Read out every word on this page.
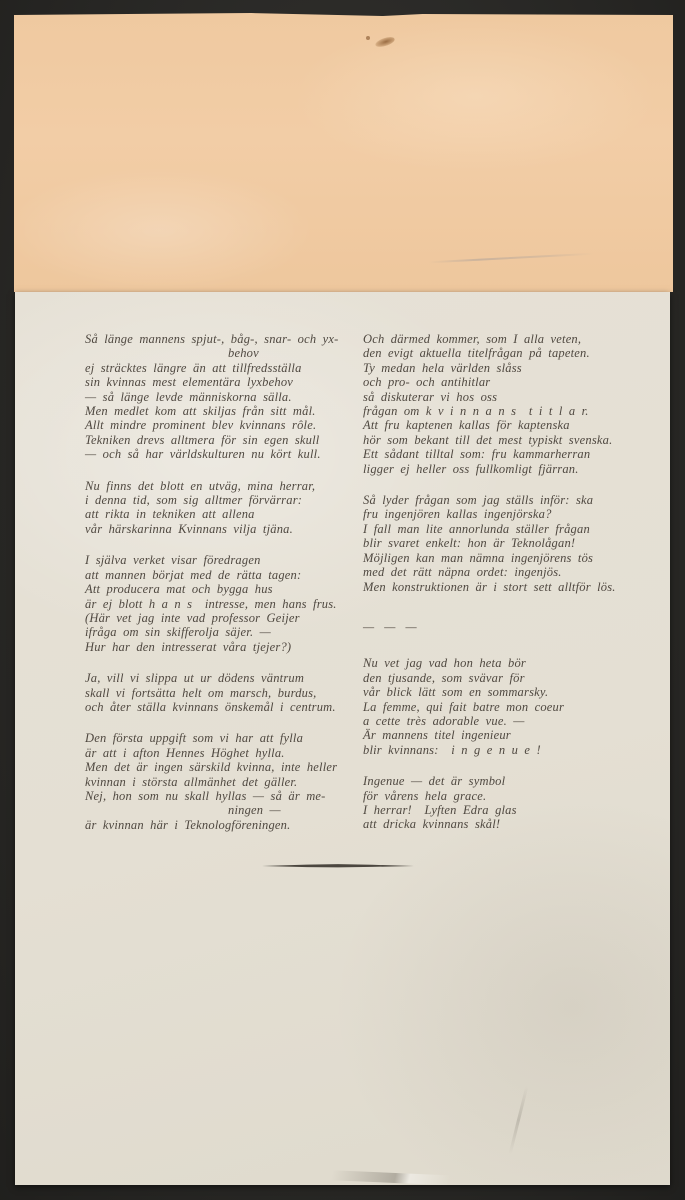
Så länge mannens spjut-, båg-, snar- och yx-
behov
ej sträcktes längre än att tillfredsställa
sin kvinnas mest elementära lyxbehov
— så länge levde människorna sälla.
Men medlet kom att skiljas från sitt mål.
Allt mindre prominent blev kvinnans rôle.
Tekniken drevs alltmera för sin egen skull
— och så har världskulturen nu kört kull.
Nu finns det blott en utväg, mina herrar,
i denna tid, som sig alltmer förvärrar:
att rikta in tekniken att allena
vår härskarinna Kvinnans vilja tjäna.
I själva verket visar föredragen
att mannen börjat med de rätta tagen:
Att producera mat och bygga hus
är ej blott h a n s  intresse, men hans frus.
(Här vet jag inte vad professor Geijer
ifråga om sin skifferolja säjer. —
Hur har den intresserat våra tjejer?)
Ja, vill vi slippa ut ur dödens väntrum
skall vi fortsätta helt om marsch, burdus,
och åter ställa kvinnans önskemål i centrum.
Den första uppgift som vi har att fylla
är att i afton Hennes Höghet hylla.
Men det är ingen särskild kvinna, inte heller
kvinnan i största allmänhet det gäller.
Nej, hon som nu skall hyllas — så är me-
ningen —
är kvinnan här i Teknologföreningen.
Och därmed kommer, som I alla veten,
den evigt aktuella titelfrågan på tapeten.
Ty medan hela världen slåss
och pro- och antihitlar
så diskuterar vi hos oss
frågan om k v i n n a n s  t i t l a r.
Att fru kaptenen kallas för kaptenska
hör som bekant till det mest typiskt svenska.
Ett sådant tilltal som: fru kammarherran
ligger ej heller oss fullkomligt fjärran.
Så lyder frågan som jag ställs inför: ska
fru ingenjören kallas ingenjörska?
I fall man lite annorlunda ställer frågan
blir svaret enkelt: hon är Teknolågan!
Möjligen kan man nämna ingenjörens tös
med det rätt näpna ordet: ingenjös.
Men konstruktionen är i stort sett alltför lös.
— — —
Nu vet jag vad hon heta bör
den tjusande, som svävar för
vår blick lätt som en sommarsky.
La femme, qui fait batre mon coeur
a cette très adorable vue. —
Är mannens titel ingenieur
blir kvinnans:  i n g e n u e !
Ingenue — det är symbol
för vårens hela grace.
I herrar!  Lyften Edra glas
att dricka kvinnans skål!
